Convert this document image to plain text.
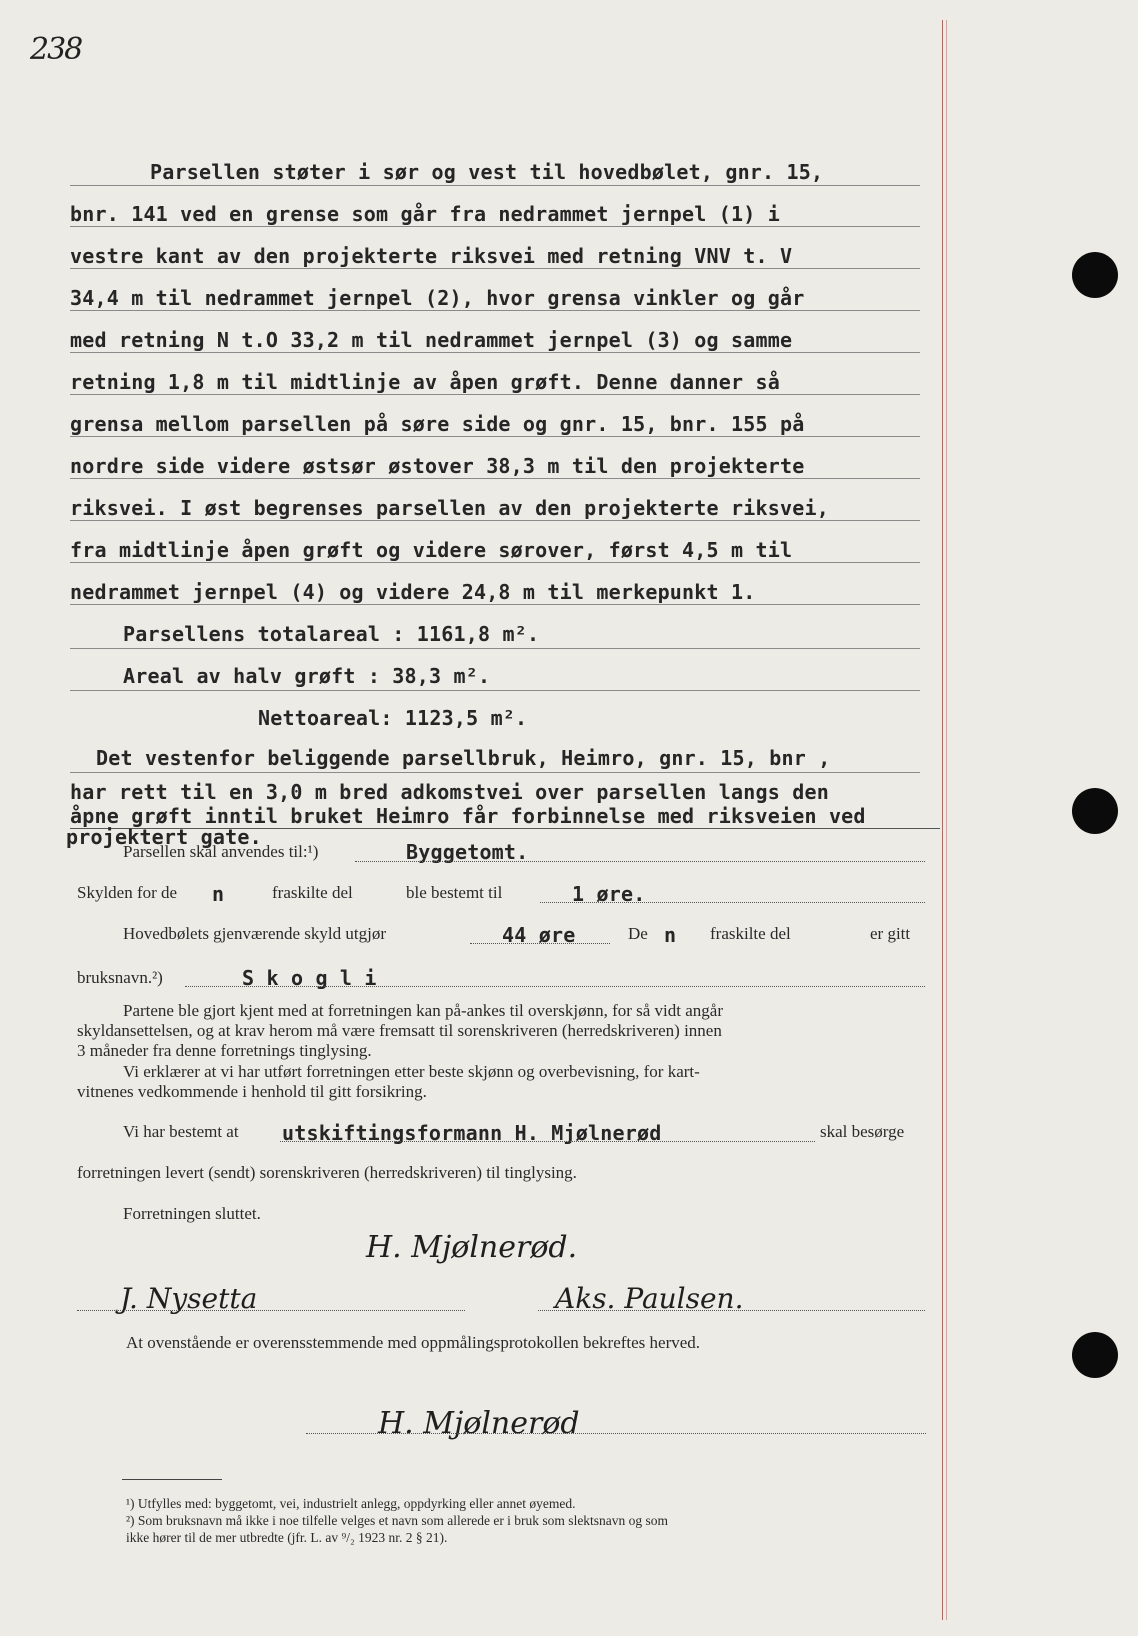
238
Parsellen støter i sør og vest til hovedbølet, gnr. 15,
bnr. 141 ved en grense som går fra nedrammet jernpel (1) i
vestre kant av den projekterte riksvei med retning VNV t. V
34,4 m til nedrammet jernpel (2), hvor grensa vinkler og går
med retning N t.O 33,2 m til nedrammet jernpel (3) og samme
retning 1,8 m til midtlinje av åpen grøft. Denne danner så
grensa mellom parsellen på søre side og gnr. 15, bnr. 155 på
nordre side videre østsør østover 38,3 m til den projekterte
riksvei. I øst begrenses parsellen av den projekterte riksvei,
fra midtlinje åpen grøft og videre sørover, først 4,5 m til
nedrammet jernpel (4) og videre 24,8 m til merkepunkt 1.
Parsellens totalareal : 1161,8 m².
Areal av halv grøft : 38,3 m².
Nettoareal: 1123,5 m².
Det vestenfor beliggende parsellbruk, Heimro, gnr. 15, bnr ,
har rett til en 3,0 m bred adkomstvei over parsellen langs den
åpne grøft inntil bruket Heimro får forbinnelse med riksveien ved
projektert gate.
Parsellen skal anvendes til:¹)	Byggetomt.
Skylden for de n	fraskilte del	ble bestemt til	1 øre.
Hovedbølets gjenværende skyld utgjør	44 øre	De n fraskilte del	er gitt
bruksnavn.²)	S k o g l i
Partene ble gjort kjent med at forretningen kan på-ankes til overskjønn, for så vidt angår
skyldansettelsen, og at krav herom må være fremsatt til sorenskriveren (herredskriveren) innen
3 måneder fra denne forretnings tinglysing.
Vi erklærer at vi har utført forretningen etter beste skjønn og overbevisning, for kart-
vitnenes vedkommende i henhold til gitt forsikring.
Vi har bestemt at utskiftingsformann H. Mjølnerød	skal besørge
forretningen levert (sendt) sorenskriveren (herredskriveren) til tinglysing.
Forretningen sluttet.
H. Mjølnerød.
J. Nysetta	Aks. Paulsen.
At ovenstående er overensstemmende med oppmålingsprotokollen bekreftes herved.
H. Mjølnerød
¹) Utfylles med: byggetomt, vei, industrielt anlegg, oppdyrking eller annet øyemed.
²) Som bruksnavn må ikke i noe tilfelle velges et navn som allerede er i bruk som slektsnavn og som
ikke hører til de mer utbredte (jfr. L. av ⁹/₂ 1923 nr. 2 § 21).
